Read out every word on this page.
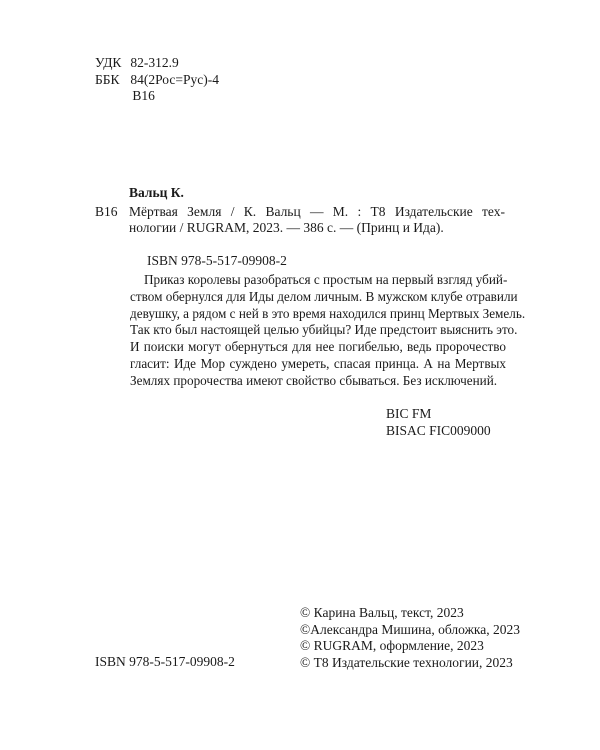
УДК 82-312.9
ББК 84(2Рос=Рус)-4
В16
Вальц К.
В16 Мёртвая Земля / К. Вальц — М. : Т8 Издательские тех-
нологии / RUGRAM, 2023. — 386 с. — (Принц и Ида).
ISBN 978-5-517-09908-2
Приказ королевы разобраться с простым на первый взгляд убий-
ством обернулся для Иды делом личным. В мужском клубе отравили
девушку, а рядом с ней в это время находился принц Мертвых Земель.
Так кто был настоящей целью убийцы? Иде предстоит выяснить это.
И поиски могут обернуться для нее погибелью, ведь пророчество
гласит: Иде Мор суждено умереть, спасая принца. А на Мертвых
Землях пророчества имеют свойство сбываться. Без исключений.
BIC FM
BISAC FIC009000
ISBN 978-5-517-09908-2
© Карина Вальц, текст, 2023
©Александра Мишина, обложка, 2023
© RUGRAM, оформление, 2023
© Т8 Издательские технологии, 2023
